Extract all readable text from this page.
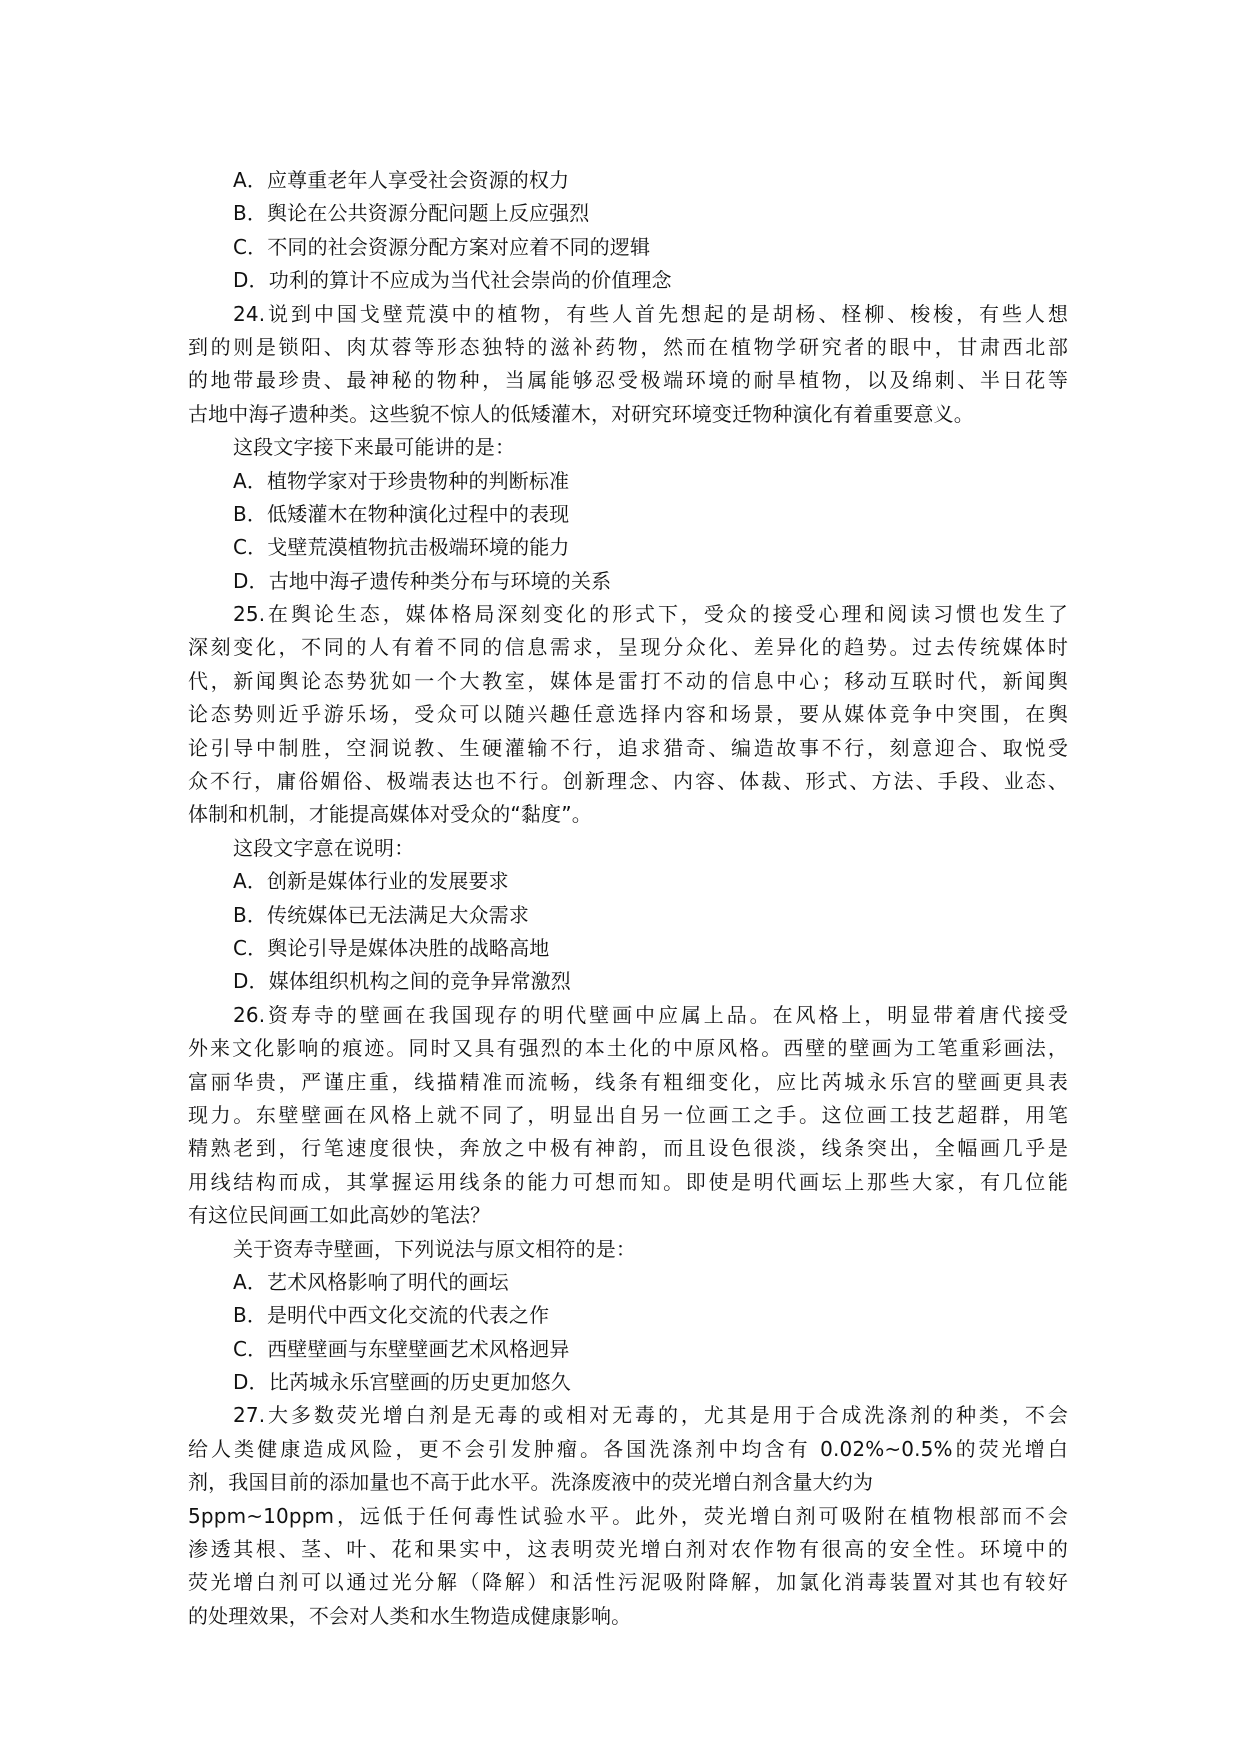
A．应尊重老年人享受社会资源的权力
B．舆论在公共资源分配问题上反应强烈
C．不同的社会资源分配方案对应着不同的逻辑
D．功利的算计不应成为当代社会崇尚的价值理念
24.说到中国戈壁荒漠中的植物，有些人首先想起的是胡杨、柽柳、梭梭，有些人想
到的则是锁阳、肉苁蓉等形态独特的滋补药物，然而在植物学研究者的眼中，甘肃西北部
的地带最珍贵、最神秘的物种，当属能够忍受极端环境的耐旱植物，以及绵刺、半日花等
古地中海孑遗种类。这些貌不惊人的低矮灌木，对研究环境变迁物种演化有着重要意义。
这段文字接下来最可能讲的是：
A．植物学家对于珍贵物种的判断标准
B．低矮灌木在物种演化过程中的表现
C．戈壁荒漠植物抗击极端环境的能力
D．古地中海孑遗传种类分布与环境的关系
25.在舆论生态，媒体格局深刻变化的形式下，受众的接受心理和阅读习惯也发生了
深刻变化，不同的人有着不同的信息需求，呈现分众化、差异化的趋势。过去传统媒体时
代，新闻舆论态势犹如一个大教室，媒体是雷打不动的信息中心；移动互联时代，新闻舆
论态势则近乎游乐场，受众可以随兴趣任意选择内容和场景，要从媒体竞争中突围，在舆
论引导中制胜，空洞说教、生硬灌输不行，追求猎奇、编造故事不行，刻意迎合、取悦受
众不行，庸俗媚俗、极端表达也不行。创新理念、内容、体裁、形式、方法、手段、业态、
体制和机制，才能提高媒体对受众的“黏度”。
这段文字意在说明：
A．创新是媒体行业的发展要求
B．传统媒体已无法满足大众需求
C．舆论引导是媒体决胜的战略高地
D．媒体组织机构之间的竞争异常激烈
26.资寿寺的壁画在我国现存的明代壁画中应属上品。在风格上，明显带着唐代接受
外来文化影响的痕迹。同时又具有强烈的本土化的中原风格。西壁的壁画为工笔重彩画法，
富丽华贵，严谨庄重，线描精准而流畅，线条有粗细变化，应比芮城永乐宫的壁画更具表
现力。东壁壁画在风格上就不同了，明显出自另一位画工之手。这位画工技艺超群，用笔
精熟老到，行笔速度很快，奔放之中极有神韵，而且设色很淡，线条突出，全幅画几乎是
用线结构而成，其掌握运用线条的能力可想而知。即使是明代画坛上那些大家，有几位能
有这位民间画工如此高妙的笔法？
关于资寿寺壁画，下列说法与原文相符的是：
A．艺术风格影响了明代的画坛
B．是明代中西文化交流的代表之作
C．西壁壁画与东壁壁画艺术风格迥异
D．比芮城永乐宫壁画的历史更加悠久
27.大多数荧光增白剂是无毒的或相对无毒的，尤其是用于合成洗涤剂的种类，不会
给人类健康造成风险，更不会引发肿瘤。各国洗涤剂中均含有 0.02%~0.5%的荧光增白
剂，我国目前的添加量也不高于此水平。洗涤废液中的荧光增白剂含量大约为
5ppm~10ppm，远低于任何毒性试验水平。此外，荧光增白剂可吸附在植物根部而不会
渗透其根、茎、叶、花和果实中，这表明荧光增白剂对农作物有很高的安全性。环境中的
荧光增白剂可以通过光分解（降解）和活性污泥吸附降解，加氯化消毒装置对其也有较好
的处理效果，不会对人类和水生物造成健康影响。
